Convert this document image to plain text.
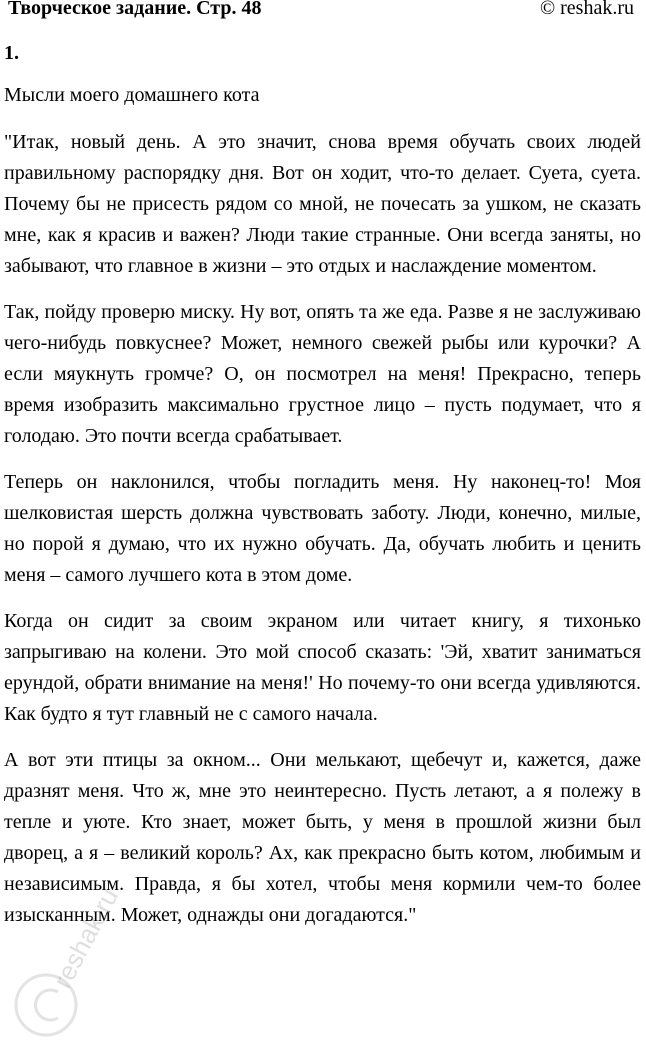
Творческое задание. Стр. 48	© reshak.ru
1.
Мысли моего домашнего кота

"Итак, новый день. А это значит, снова время обучать своих людей правильному распорядку дня. Вот он ходит, что-то делает. Суета, суета. Почему бы не присесть рядом со мной, не почесать за ушком, не сказать мне, как я красив и важен? Люди такие странные. Они всегда заняты, но забывают, что главное в жизни – это отдых и наслаждение моментом.

Так, пойду проверю миску. Ну вот, опять та же еда. Разве я не заслуживаю чего-нибудь повкуснее? Может, немного свежей рыбы или курочки? А если мяукнуть громче? О, он посмотрел на меня! Прекрасно, теперь время изобразить максимально грустное лицо – пусть подумает, что я голодаю. Это почти всегда срабатывает.

Теперь он наклонился, чтобы погладить меня. Ну наконец-то! Моя шелковистая шерсть должна чувствовать заботу. Люди, конечно, милые, но порой я думаю, что их нужно обучать. Да, обучать любить и ценить меня – самого лучшего кота в этом доме.

Когда он сидит за своим экраном или читает книгу, я тихонько запрыгиваю на колени. Это мой способ сказать: 'Эй, хватит заниматься ерундой, обрати внимание на меня!' Но почему-то они всегда удивляются. Как будто я тут главный не с самого начала.

А вот эти птицы за окном... Они мелькают, щебечут и, кажется, даже дразнят меня. Что ж, мне это неинтересно. Пусть летают, а я полежу в тепле и уюте. Кто знает, может быть, у меня в прошлой жизни был дворец, а я – великий король? Ах, как прекрасно быть котом, любимым и независимым. Правда, я бы хотел, чтобы меня кормили чем-то более изысканным. Может, однажды они догадаются."

reshak.ru
